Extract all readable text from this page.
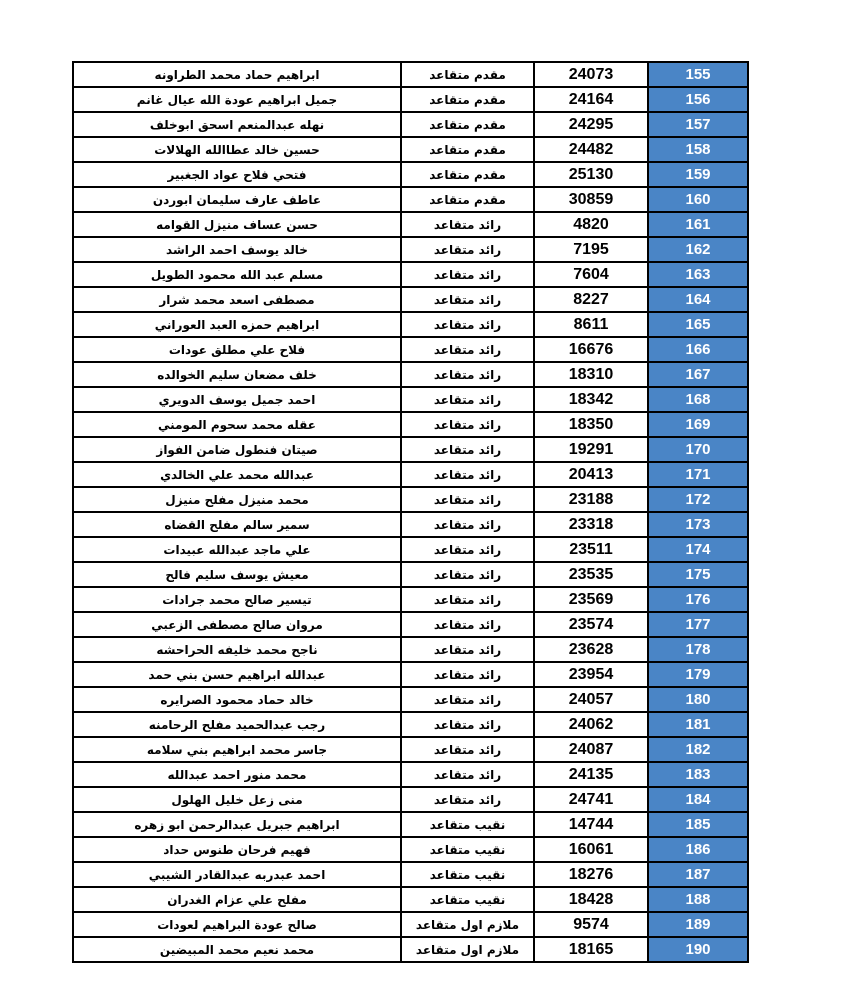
155	24073	مقدم متقاعد	ابراهيم حماد محمد الطراونه
156	24164	مقدم متقاعد	جميل ابراهيم عودة الله عيال غانم
157	24295	مقدم متقاعد	نهله عبدالمنعم اسحق ابوخلف
158	24482	مقدم متقاعد	حسين خالد عطاالله الهلالات
159	25130	مقدم متقاعد	فتحي فلاح عواد الجغبير
160	30859	مقدم متقاعد	عاطف عارف سليمان ابوردن
161	4820	رائد متقاعد	حسن عساف منيزل القوامه
162	7195	رائد متقاعد	خالد يوسف احمد الراشد
163	7604	رائد متقاعد	مسلم عبد الله محمود الطويل
164	8227	رائد متقاعد	مصطفى اسعد محمد شرار
165	8611	رائد متقاعد	ابراهيم حمزه العبد العوراني
166	16676	رائد متقاعد	فلاح علي مطلق عودات
167	18310	رائد متقاعد	خلف مضعان سليم الخوالده
168	18342	رائد متقاعد	احمد جميل يوسف الدويري
169	18350	رائد متقاعد	عقله محمد سحوم المومني
170	19291	رائد متقاعد	صيتان فنطول ضامن الفواز
171	20413	رائد متقاعد	عبدالله محمد علي الخالدي
172	23188	رائد متقاعد	محمد منيزل مفلح منيزل
173	23318	رائد متقاعد	سمير سالم مفلح القضاه
174	23511	رائد متقاعد	علي ماجد عبدالله عبيدات
175	23535	رائد متقاعد	معيش يوسف سليم فالح
176	23569	رائد متقاعد	تيسير صالح محمد جرادات
177	23574	رائد متقاعد	مروان صالح مصطفى الزعبي
178	23628	رائد متقاعد	ناجح محمد خليفه الحراحشه
179	23954	رائد متقاعد	عبدالله ابراهيم حسن بني حمد
180	24057	رائد متقاعد	خالد حماد محمود الصرايره
181	24062	رائد متقاعد	رجب عبدالحميد مفلح الرحامنه
182	24087	رائد متقاعد	جاسر محمد ابراهيم بني سلامه
183	24135	رائد متقاعد	محمد منور احمد عبدالله
184	24741	رائد متقاعد	منى زعل خليل الهلول
185	14744	نقيب متقاعد	ابراهيم جبريل عبدالرحمن ابو زهره
186	16061	نقيب متقاعد	فهيم فرحان طنوس حداد
187	18276	نقيب متقاعد	احمد عبدربه عبدالقادر الشيبي
188	18428	نقيب متقاعد	مفلح علي عزام الغدران
189	9574	ملازم اول متقاعد	صالح عودة البراهيم لعودات
190	18165	ملازم اول متقاعد	محمد نعيم محمد المبيضين
